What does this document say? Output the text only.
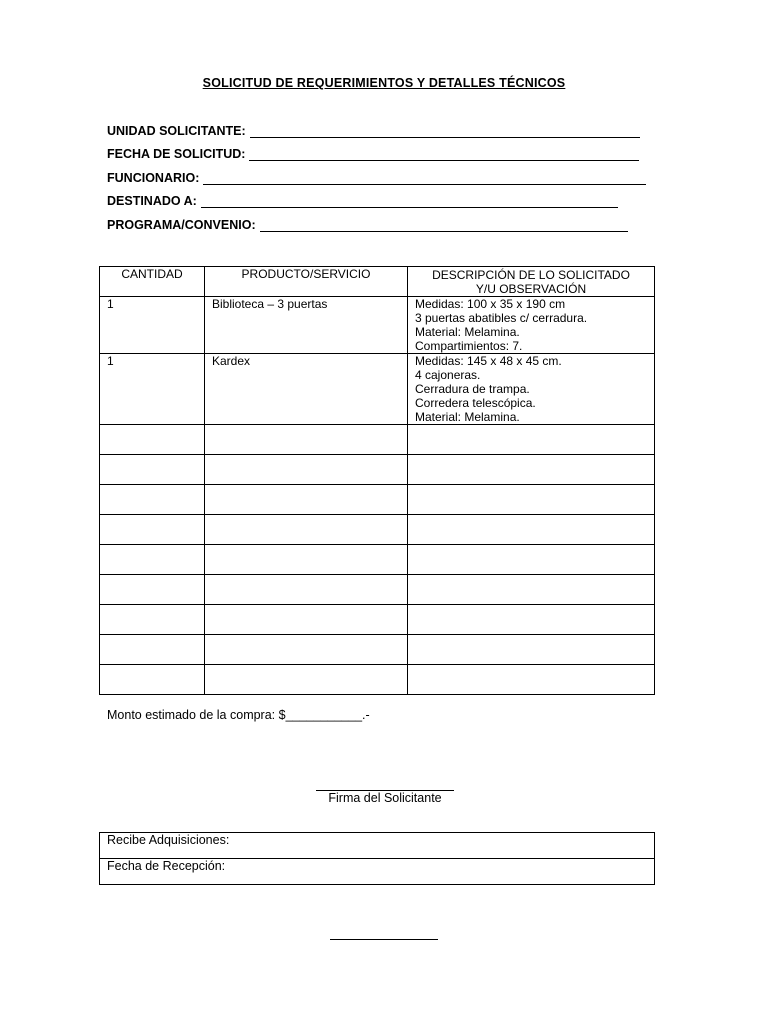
SOLICITUD DE REQUERIMIENTOS Y DETALLES TÉCNICOS
UNIDAD SOLICITANTE:
FECHA DE SOLICITUD:
FUNCIONARIO:
DESTINADO A:
PROGRAMA/CONVENIO:
CANTIDAD	PRODUCTO/SERVICIO	DESCRIPCIÓN DE LO SOLICITADO
Y/U OBSERVACIÓN

1	Biblioteca – 3 puertas	Medidas: 100 x 35 x 190 cm
3 puertas abatibles c/ cerradura.
Material: Melamina.
Compartimientos: 7.

1	Kardex	Medidas: 145 x 48 x 45 cm.
4 cajoneras.
Cerradura de trampa.
Corredera telescópica.
Material: Melamina.

Monto estimado de la compra: $___________.-
Firma del Solicitante
Recibe Adquisiciones:
Fecha de Recepción:
